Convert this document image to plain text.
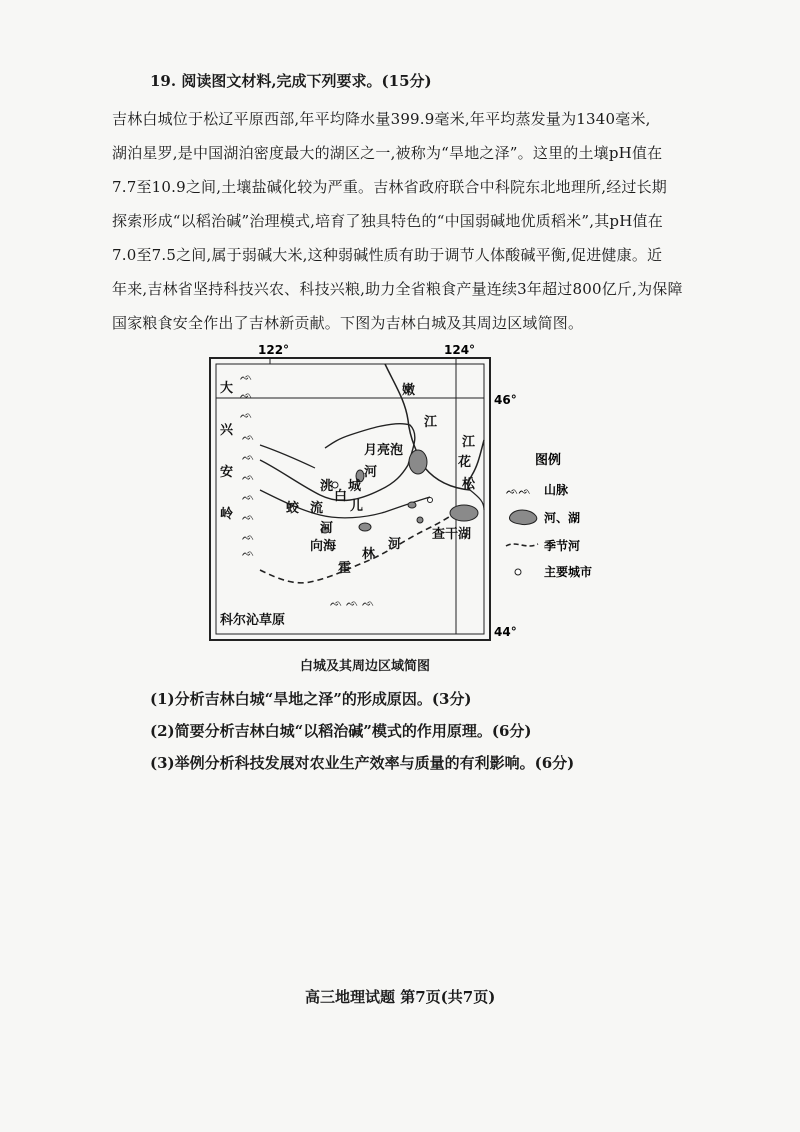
19. 阅读图文材料,完成下列要求。(15分)
吉林白城位于松辽平原西部,年平均降水量399.9毫米,年平均蒸发量为1340毫米,
湖泊星罗,是中国湖泊密度最大的湖区之一,被称为“旱地之泽”。这里的土壤pH值在
7.7至10.9之间,土壤盐碱化较为严重。吉林省政府联合中科院东北地理所,经过长期
探索形成“以稻治碱”治理模式,培育了独具特色的“中国弱碱地优质稻米”,其pH值在
7.0至7.5之间,属于弱碱大米,这种弱碱性质有助于调节人体酸碱平衡,促进健康。近
年来,吉林省坚持科技兴农、科技兴粮,助力全省粮食产量连续3年超过800亿斤,为保障
国家粮食安全作出了吉林新贡献。下图为吉林白城及其周边区域简图。
122°	124°
46°
44°
ᨒ
ᨒ
ᨒ
ᨒ
ᨒ
ᨒ
ᨒ
ᨒ
ᨒ
ᨒ
ᨒ ᨒ ᨒ
大
兴
安
岭
嫩
江
江
花
松
月亮泡
洮
白
城
儿
河
蛟 流
河
向海
霍
林
河
查干湖
科尔沁草原
图例
ᨒᨒ 山脉
河、湖
季节河
主要城市
白城及其周边区域简图
(1)分析吉林白城“旱地之泽”的形成原因。(3分)
(2)简要分析吉林白城“以稻治碱”模式的作用原理。(6分)
(3)举例分析科技发展对农业生产效率与质量的有利影响。(6分)
高三地理试题 第7页(共7页)
